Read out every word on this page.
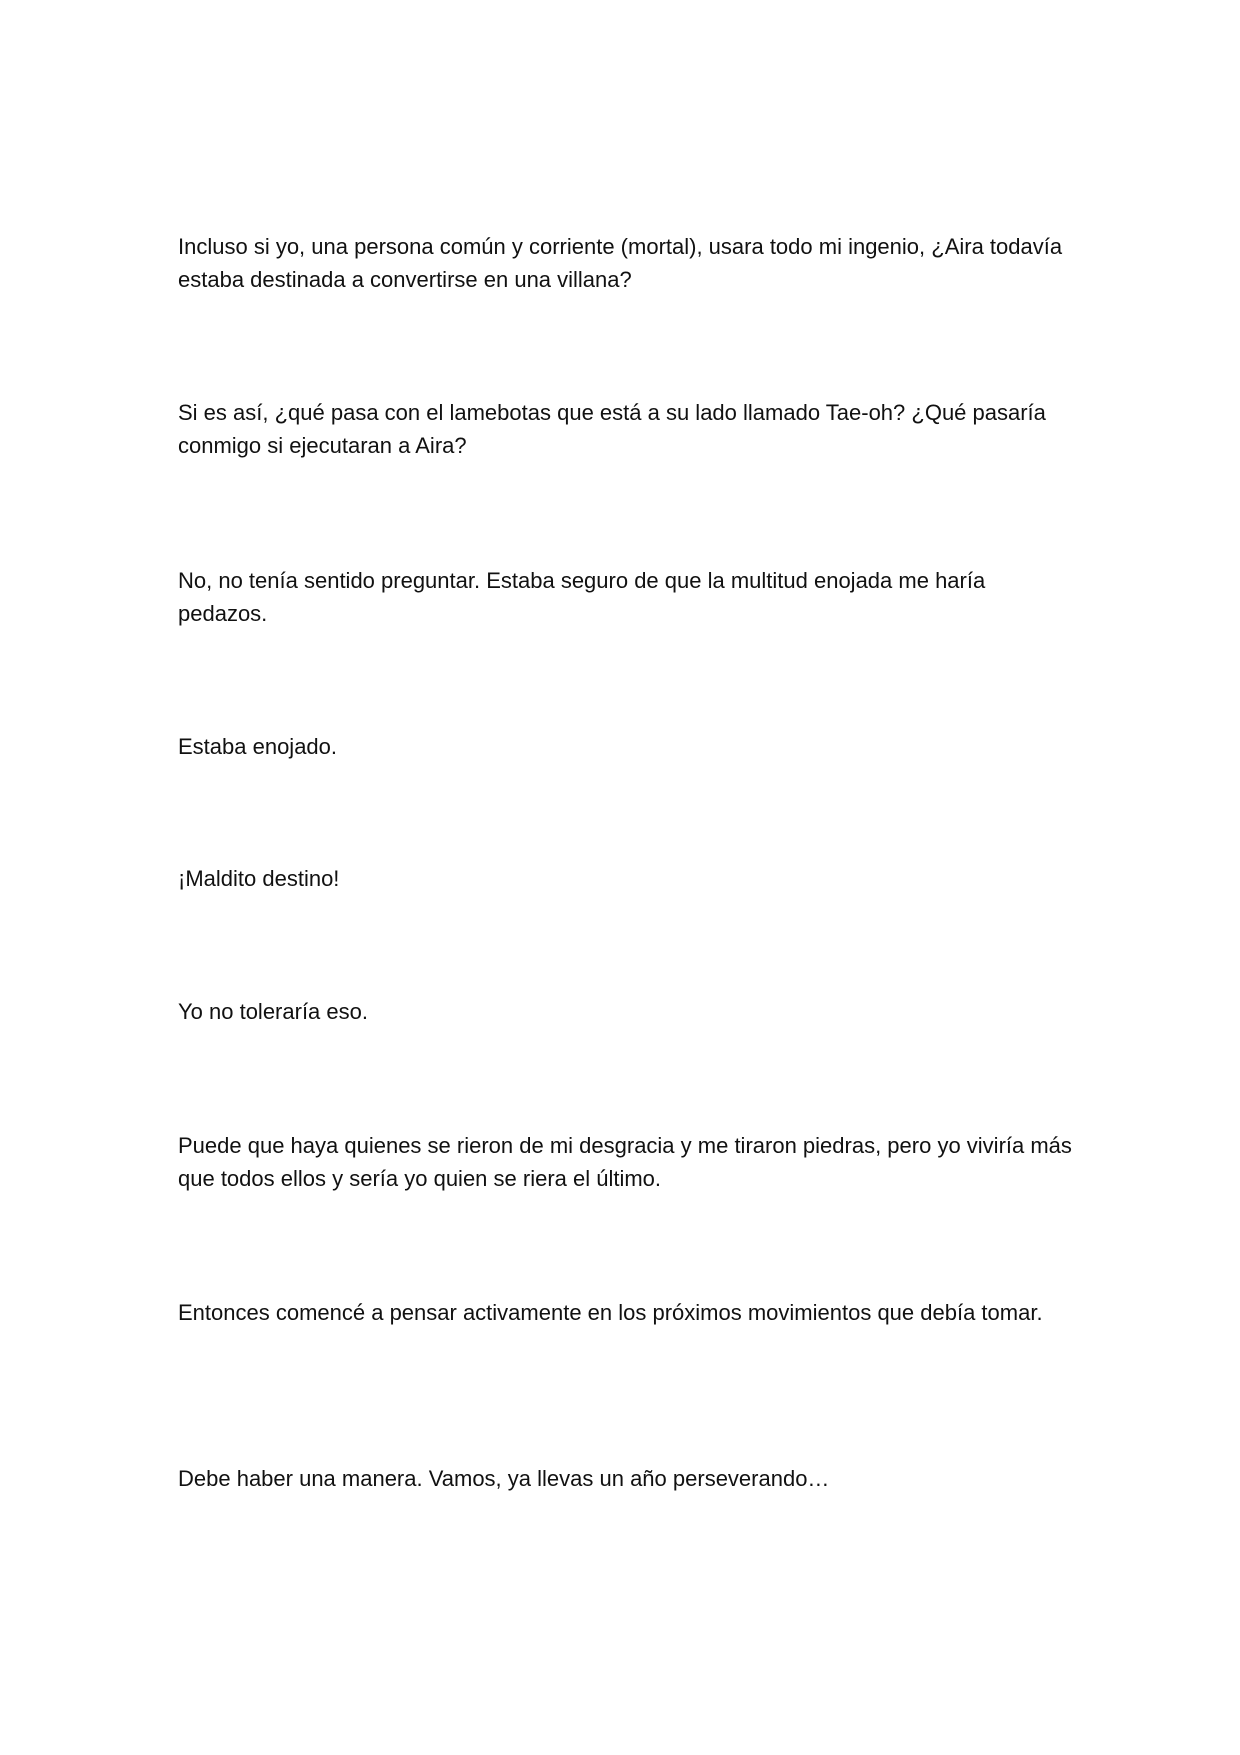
Incluso si yo, una persona común y corriente (mortal), usara todo mi ingenio, ¿Aira todavía estaba destinada a convertirse en una villana?

Si es así, ¿qué pasa con el lamebotas que está a su lado llamado Tae-oh? ¿Qué pasaría conmigo si ejecutaran a Aira?

No, no tenía sentido preguntar. Estaba seguro de que la multitud enojada me haría pedazos.

Estaba enojado.

¡Maldito destino!

Yo no toleraría eso.

Puede que haya quienes se rieron de mi desgracia y me tiraron piedras, pero yo viviría más que todos ellos y sería yo quien se riera el último.

Entonces comencé a pensar activamente en los próximos movimientos que debía tomar.

Debe haber una manera. Vamos, ya llevas un año perseverando…
